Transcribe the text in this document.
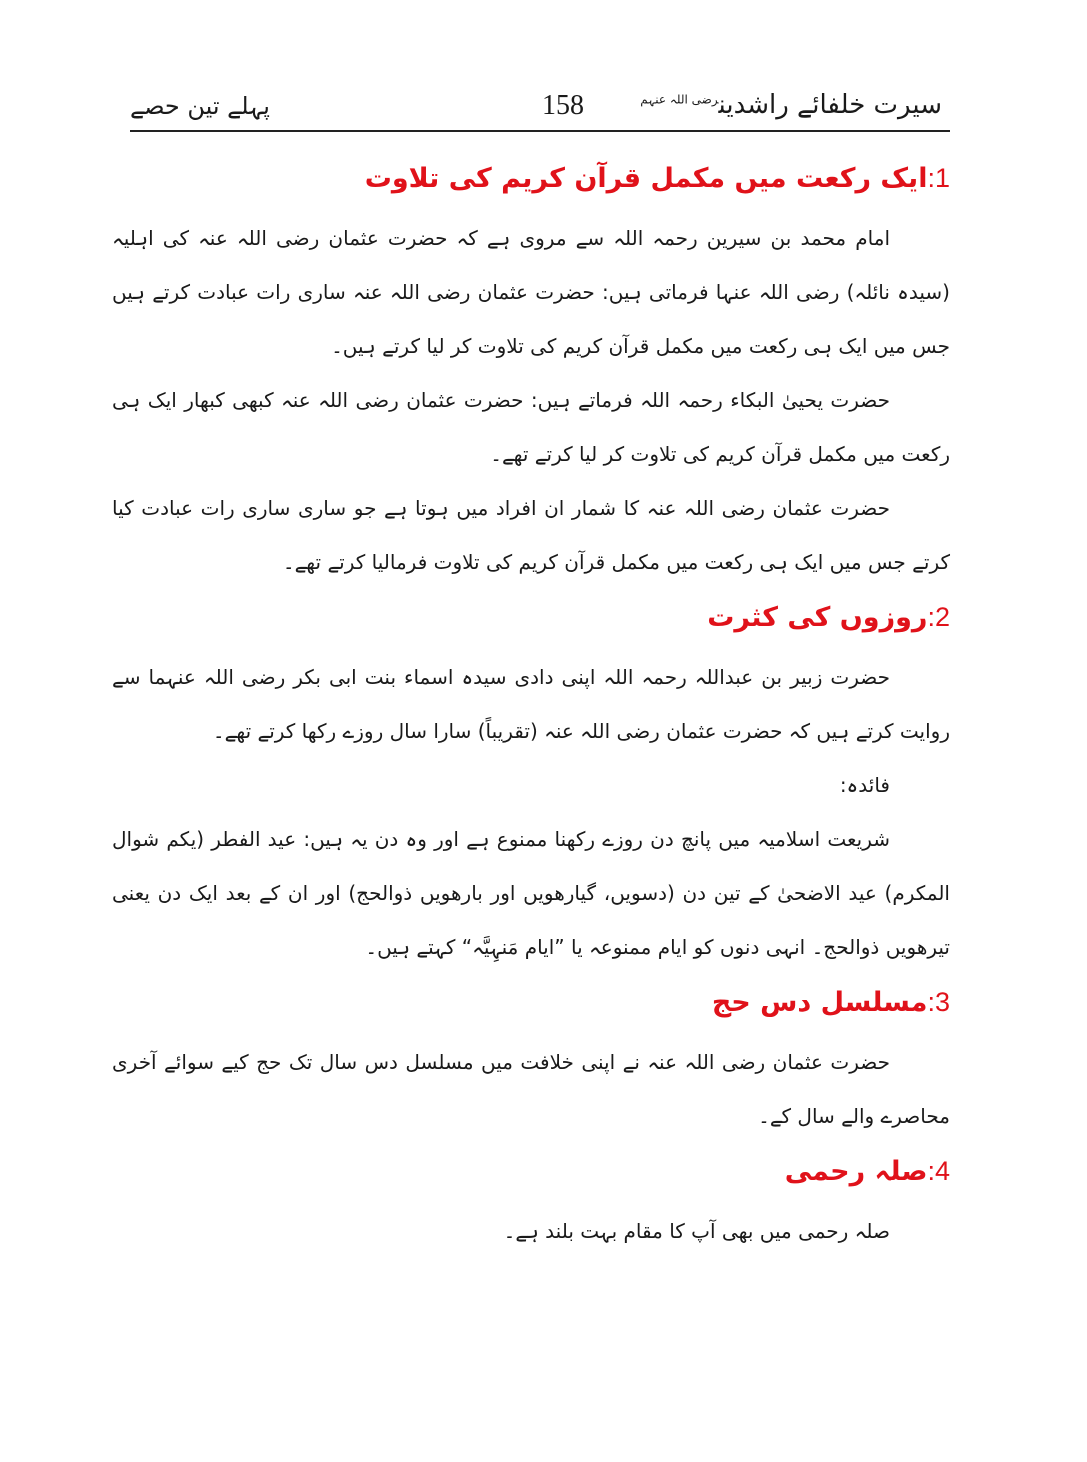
سیرت خلفائے راشدین$^{رضی اللہ عنہم}$
158
پہلے تین حصے
1:ایک رکعت میں مکمل قرآن کریم کی تلاوت

امام محمد بن سیرین رحمہ اللہ سے مروی ہے کہ حضرت عثمان رضی اللہ عنہ کی اہلیہ (سیدہ نائلہ) رضی اللہ عنہا فرماتی ہیں: حضرت عثمان رضی اللہ عنہ ساری رات عبادت کرتے ہیں جس میں ایک ہی رکعت میں مکمل قرآن کریم کی تلاوت کر لیا کرتے ہیں۔

حضرت یحییٰ البکاء رحمہ اللہ فرماتے ہیں: حضرت عثمان رضی اللہ عنہ کبھی کبھار ایک ہی رکعت میں مکمل قرآن کریم کی تلاوت کر لیا کرتے تھے۔

حضرت عثمان رضی اللہ عنہ کا شمار ان افراد میں ہوتا ہے جو ساری ساری رات عبادت کیا کرتے جس میں ایک ہی رکعت میں مکمل قرآن کریم کی تلاوت فرمالیا کرتے تھے۔

2:روزوں کی کثرت

حضرت زبیر بن عبداللہ رحمہ اللہ اپنی دادی سیدہ اسماء بنت ابی بکر رضی اللہ عنہما سے روایت کرتے ہیں کہ حضرت عثمان رضی اللہ عنہ (تقریباً) سارا سال روزے رکھا کرتے تھے۔

فائدہ:

شریعت اسلامیہ میں پانچ دن روزے رکھنا ممنوع ہے اور وہ دن یہ ہیں: عید الفطر (یکم شوال المکرم) عید الاضحیٰ کے تین دن (دسویں، گیارھویں اور بارھویں ذوالحج) اور ان کے بعد ایک دن یعنی تیرھویں ذوالحج۔ انہی دنوں کو ایام ممنوعہ یا ”ایام مَنہِیَّہ“ کہتے ہیں۔

3:مسلسل دس حج

حضرت عثمان رضی اللہ عنہ نے اپنی خلافت میں مسلسل دس سال تک حج کیے سوائے آخری محاصرے والے سال کے۔

4:صلہ رحمی

صلہ رحمی میں بھی آپ کا مقام بہت بلند ہے۔
